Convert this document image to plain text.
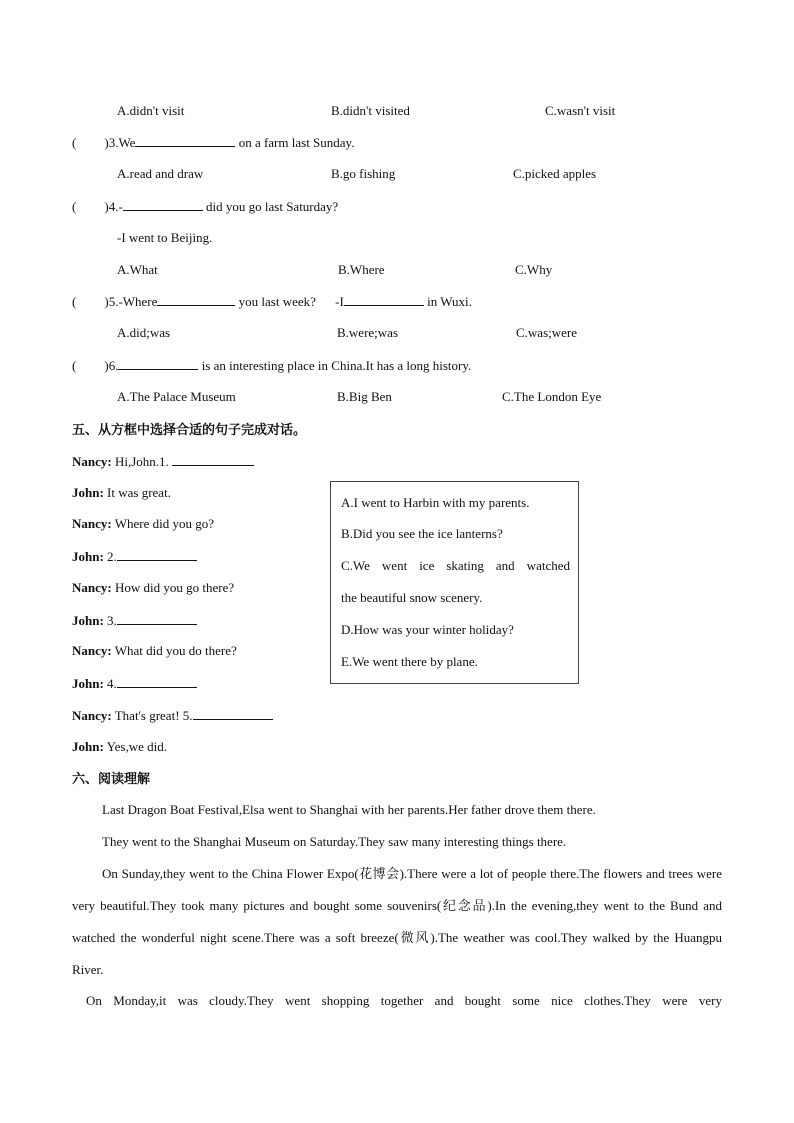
A.didn't visit	B.didn't visited	C.wasn't visit
( )3.We	on a farm last Sunday.
A.read and draw	B.go fishing	C.picked apples
( )4.-	did you go last Saturday?
-I went to Beijing.
A.What	B.Where	C.Why
( )5.-Where	you last week? -I	in Wuxi.
A.did;was	B.were;was	C.was;were
( )6.	is an interesting place in China.It has a long history.
A.The Palace Museum	B.Big Ben	C.The London Eye
五、从方框中选择合适的句子完成对话。
Nancy: Hi,John.1.
John: It was great.
Nancy: Where did you go?
John: 2.
Nancy: How did you go there?
John: 3.
Nancy: What did you do there?
John: 4.
Nancy: That's great! 5.
John: Yes,we did.
A.I went to Harbin with my parents.
B.Did you see the ice lanterns?
C.We went ice skating and watched
the beautiful snow scenery.
D.How was your winter holiday?
E.We went there by plane.
六、阅读理解
Last Dragon Boat Festival,Elsa went to Shanghai with her parents.Her father drove them there.
They went to the Shanghai Museum on Saturday.They saw many interesting things there.
On Sunday,they went to the China Flower Expo(花博会).There were a lot of people there.The flowers and trees were very beautiful.They took many pictures and bought some souvenirs(纪念品).In the evening,they went to the Bund and watched the wonderful night scene.There was a soft breeze(微风).The weather was cool.They walked by the Huangpu River.
On Monday,it was cloudy.They went shopping together and bought some nice clothes.They were very
